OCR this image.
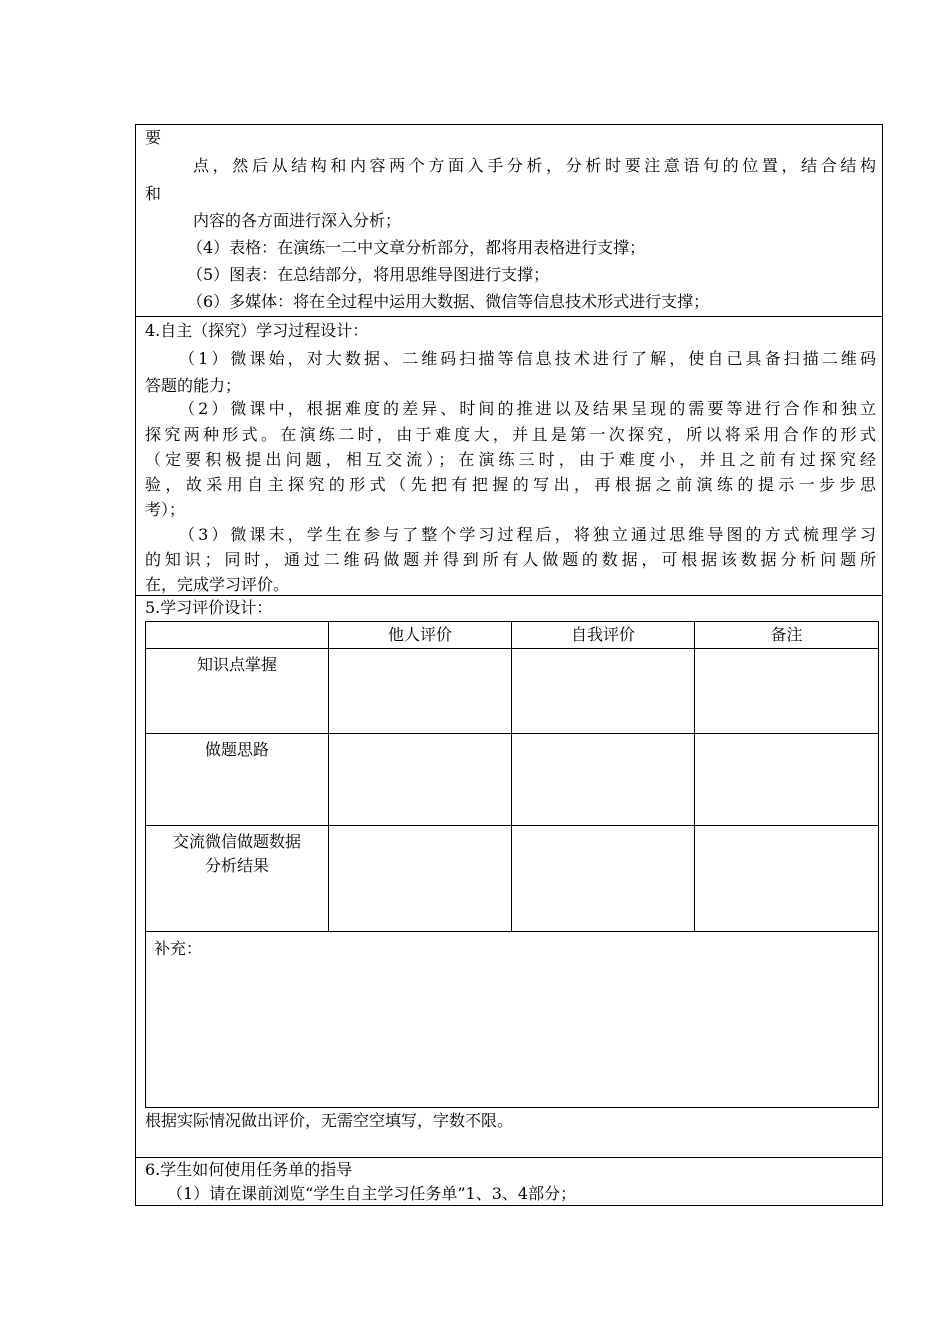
要
点，然后从结构和内容两个方面入手分析，分析时要注意语句的位置，结合结构
和
内容的各方面进行深入分析；
（4）表格：在演练一二中文章分析部分，都将用表格进行支撑；
（5）图表：在总结部分，将用思维导图进行支撑；
（6）多媒体：将在全过程中运用大数据、微信等信息技术形式进行支撑；
4.自主（探究）学习过程设计：
（1）微课始，对大数据、二维码扫描等信息技术进行了解，使自己具备扫描二维码
答题的能力；
（2）微课中，根据难度的差异、时间的推进以及结果呈现的需要等进行合作和独立
探究两种形式。在演练二时，由于难度大，并且是第一次探究，所以将采用合作的形式
（定要积极提出问题，相互交流）；在演练三时，由于难度小，并且之前有过探究经
验，故采用自主探究的形式（先把有把握的写出，再根据之前演练的提示一步步思
考）；
（3）微课末，学生在参与了整个学习过程后，将独立通过思维导图的方式梳理学习
的知识；同时，通过二维码做题并得到所有人做题的数据，可根据该数据分析问题所
在，完成学习评价。
5.学习评价设计：
	他人评价	自我评价	备注

知识点掌握			

做题思路			

交流微信做题数据
分析结果			

补充：			
根据实际情况做出评价，无需空空填写，字数不限。
6.学生如何使用任务单的指导
（1）请在课前浏览“学生自主学习任务单”1、3、4部分；
